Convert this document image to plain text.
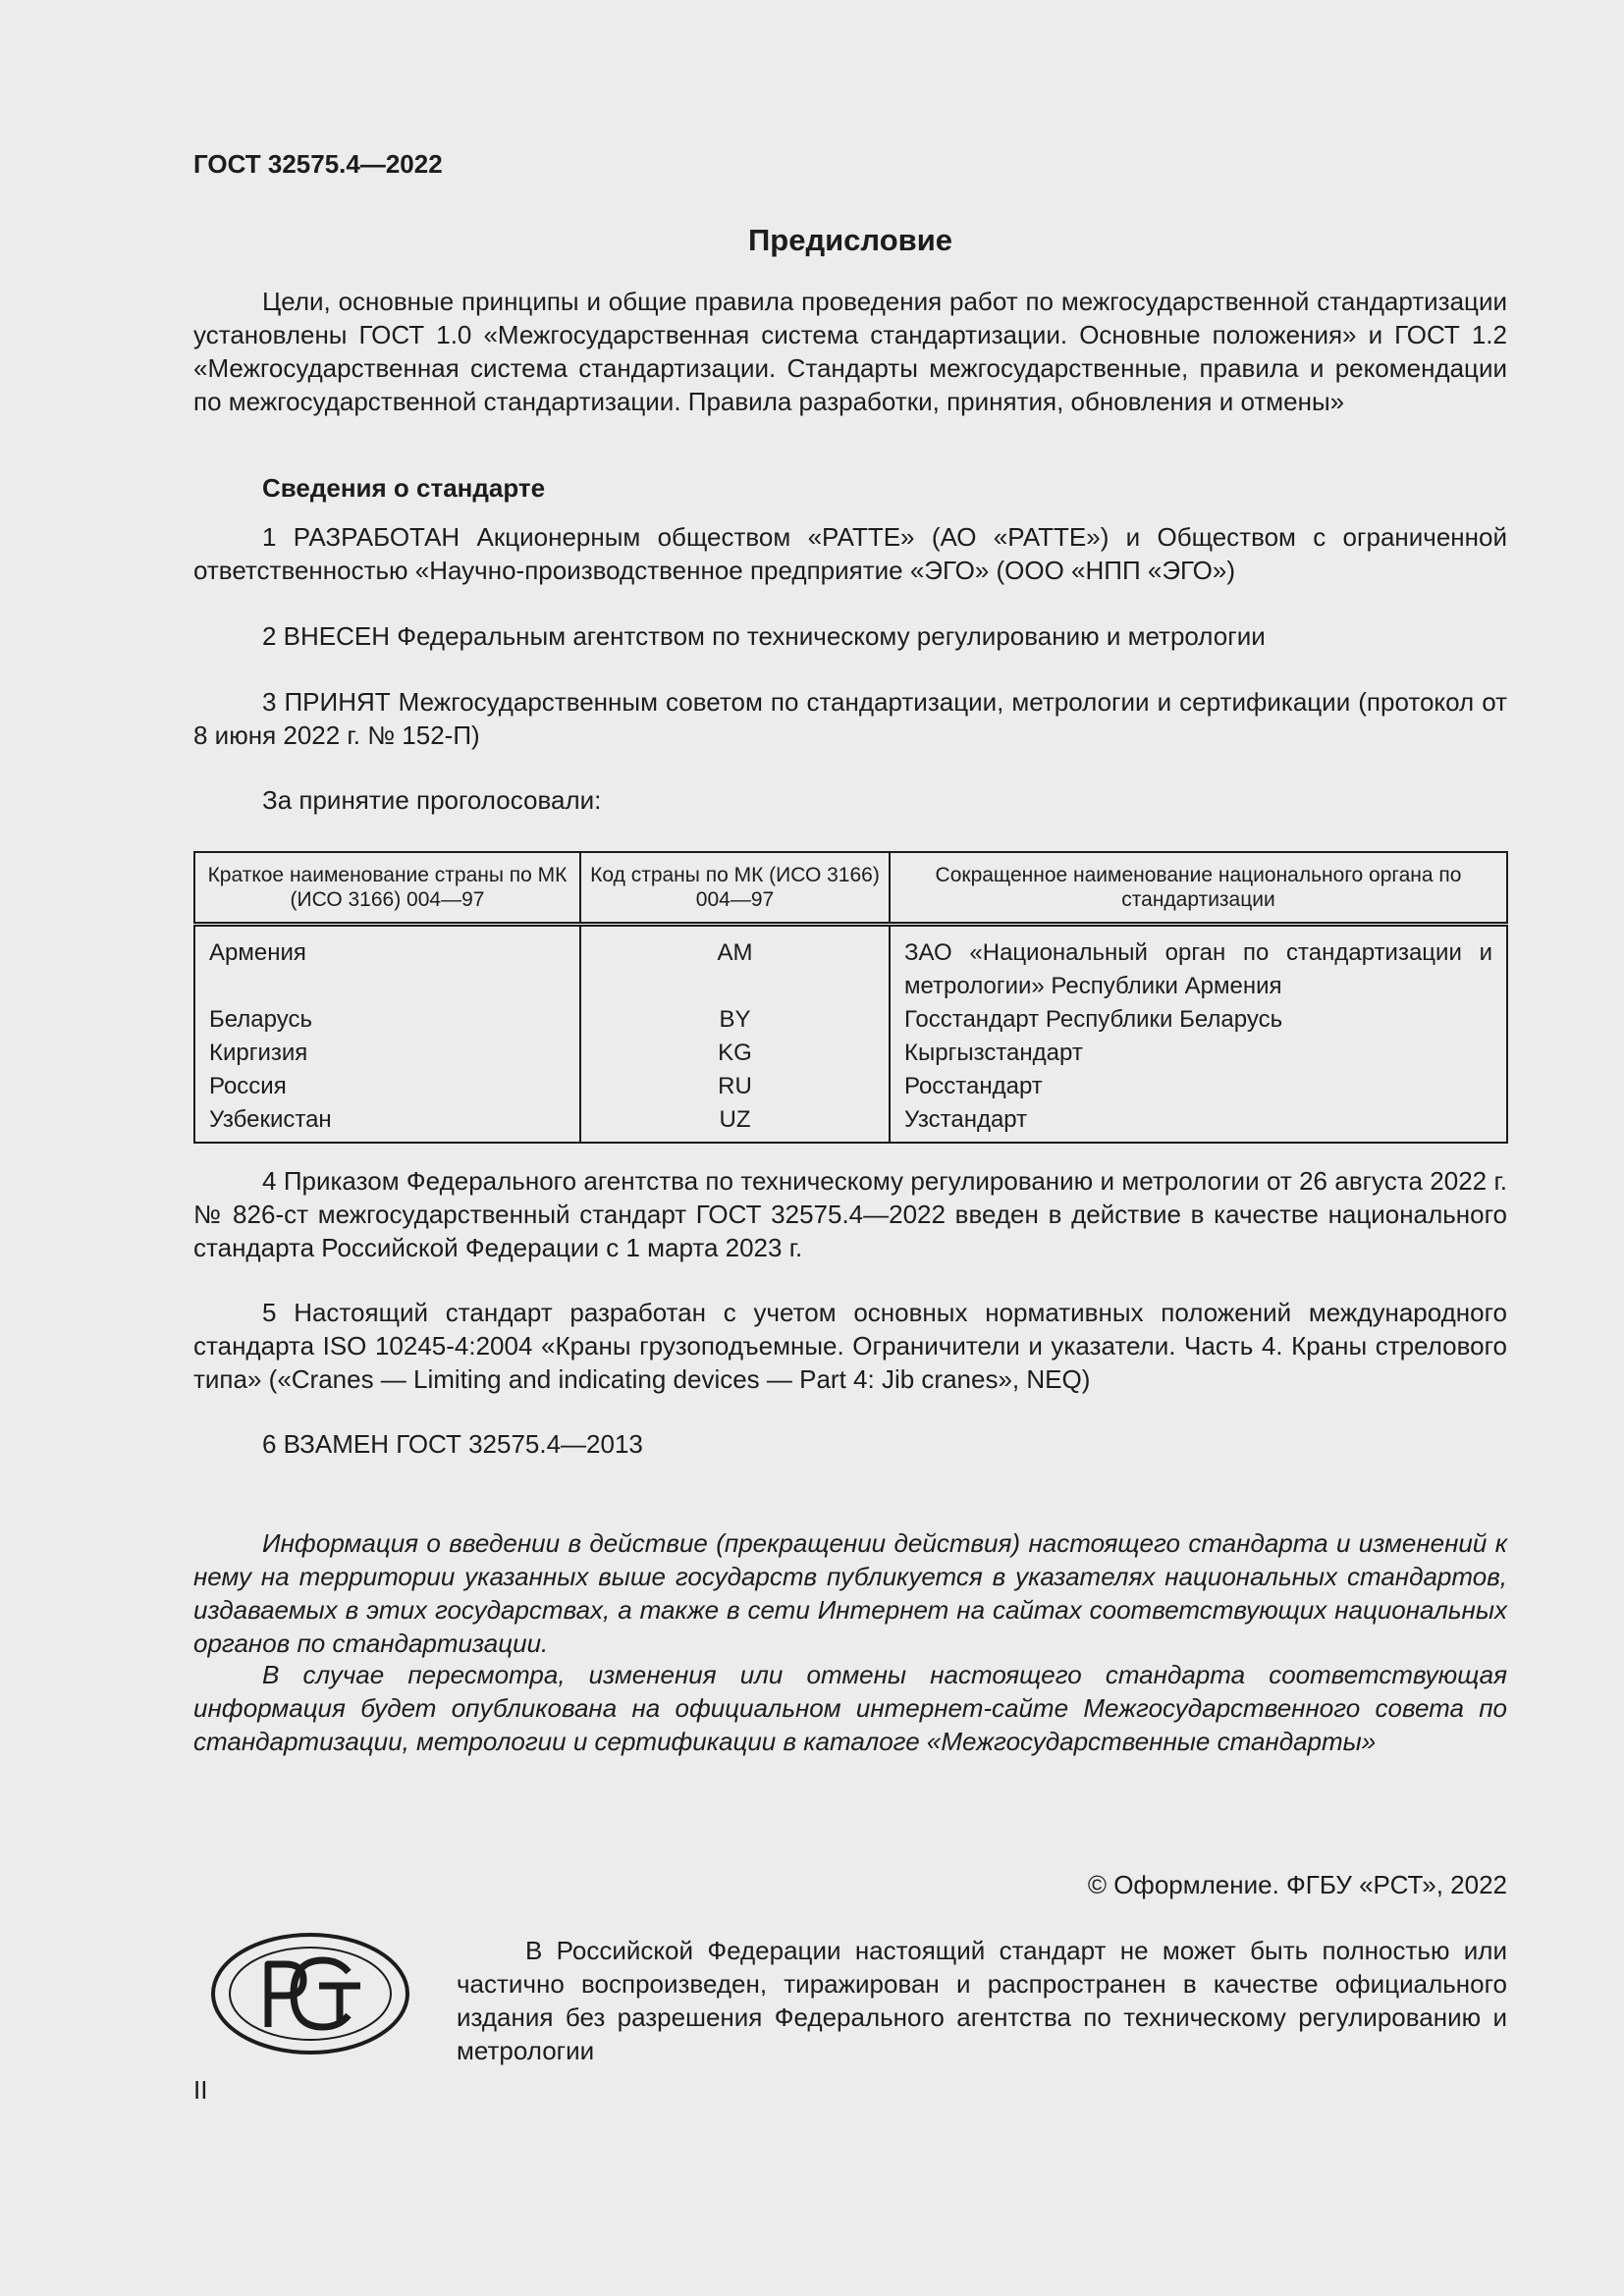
ГОСТ 32575.4—2022
Предисловие
Цели, основные принципы и общие правила проведения работ по межгосударственной стандартизации установлены ГОСТ 1.0 «Межгосударственная система стандартизации. Основные положения» и ГОСТ 1.2 «Межгосударственная система стандартизации. Стандарты межгосударственные, правила и рекомендации по межгосударственной стандартизации. Правила разработки, принятия, обновления и отмены»
Сведения о стандарте
1 РАЗРАБОТАН Акционерным обществом «РАТТЕ» (АО «РАТТЕ») и Обществом с ограниченной ответственностью «Научно-производственное предприятие «ЭГО» (ООО «НПП «ЭГО»)
2 ВНЕСЕН Федеральным агентством по техническому регулированию и метрологии
3 ПРИНЯТ Межгосударственным советом по стандартизации, метрологии и сертификации (протокол от 8 июня 2022 г. № 152-П)
За принятие проголосовали:
Краткое наименование страны по МК (ИСО 3166) 004—97	Код страны по МК (ИСО 3166) 004—97	Сокращенное наименование национального органа по стандартизации
Армения	AM	ЗАО «Национальный орган по стандартизации и метрологии» Республики Армения
Беларусь	BY	Госстандарт Республики Беларусь
Киргизия	KG	Кыргызстандарт
Россия	RU	Росстандарт
Узбекистан	UZ	Узстандарт
4 Приказом Федерального агентства по техническому регулированию и метрологии от 26 августа 2022 г. № 826-ст межгосударственный стандарт ГОСТ 32575.4—2022 введен в действие в качестве национального стандарта Российской Федерации с 1 марта 2023 г.
5 Настоящий стандарт разработан с учетом основных нормативных положений международного стандарта ISO 10245-4:2004 «Краны грузоподъемные. Ограничители и указатели. Часть 4. Краны стрелового типа» («Cranes — Limiting and indicating devices — Part 4: Jib cranes», NEQ)
6 ВЗАМЕН ГОСТ 32575.4—2013
Информация о введении в действие (прекращении действия) настоящего стандарта и изменений к нему на территории указанных выше государств публикуется в указателях национальных стандартов, издаваемых в этих государствах, а также в сети Интернет на сайтах соответствующих национальных органов по стандартизации.
В случае пересмотра, изменения или отмены настоящего стандарта соответствующая информация будет опубликована на официальном интернет-сайте Межгосударственного совета по стандартизации, метрологии и сертификации в каталоге «Межгосударственные стандарты»
© Оформление. ФГБУ «РСТ», 2022
В Российской Федерации настоящий стандарт не может быть полностью или частично воспроизведен, тиражирован и распространен в качестве официального издания без разрешения Федерального агентства по техническому регулированию и метрологии
II
